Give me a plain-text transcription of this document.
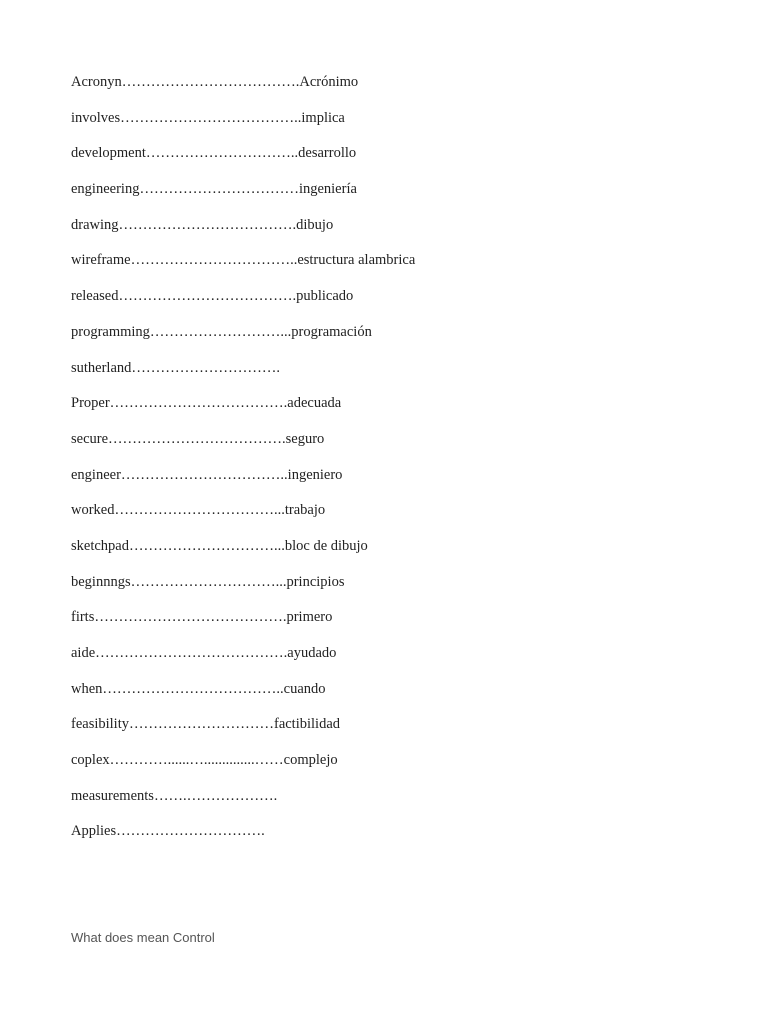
Acronyn……………………………….Acrónimo
involves………………………………..implica
development…………………………..desarrollo
engineering……………………………ingeniería
drawing……………………………….dibujo
wireframe……………………………..estructura alambrica
released……………………………….publicado
programming………………………...programación
sutherland………………………….
Proper……………………………….adecuada
secure……………………………….seguro
engineer……………………………..ingeniero
worked……………………………...trabajo
sketchpad…………………………...bloc de dibujo
beginnngs…………………………...principios
firts………………………………….primero
aide………………………………….ayudado
when………………………………..cuando
feasibility…………………………factibilidad
coplex…………......…..............……complejo
measurements…….……………….
Applies………………………….
What does mean Control
